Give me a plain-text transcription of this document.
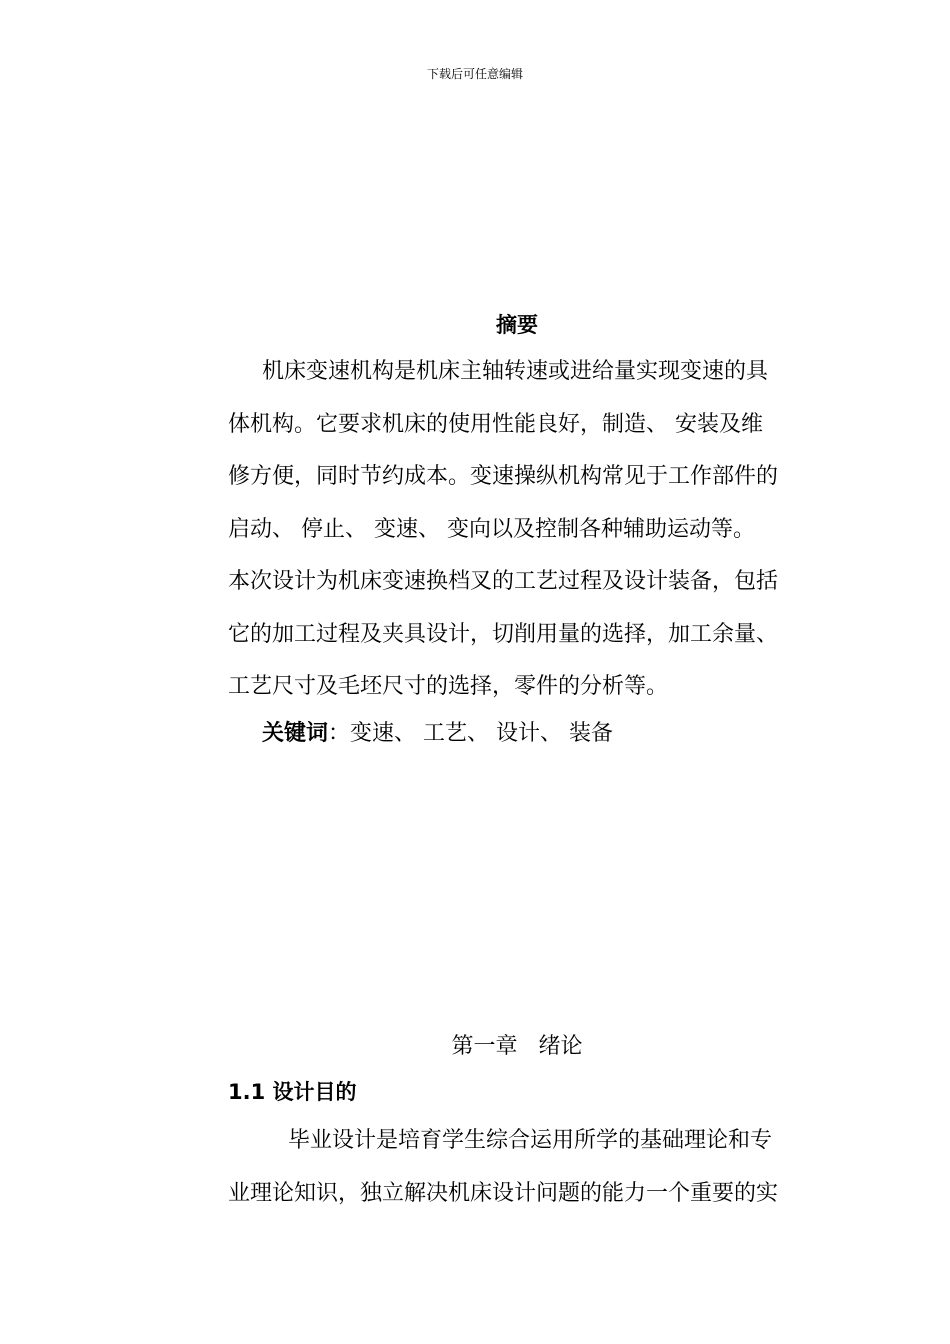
下载后可任意编辑
摘要
机床变速机构是机床主轴转速或进给量实现变速的具
体机构。它要求机床的使用性能良好，制造、 安装及维
修方便，同时节约成本。变速操纵机构常见于工作部件的
启动、 停止、 变速、 变向以及控制各种辅助运动等。
本次设计为机床变速换档叉的工艺过程及设计装备，包括
它的加工过程及夹具设计，切削用量的选择，加工余量、
工艺尺寸及毛坯尺寸的选择，零件的分析等。
关键词：变速、 工艺、 设计、 装备
第一章   绪论
1.1 设计目的
毕业设计是培育学生综合运用所学的基础理论和专
业理论知识，独立解决机床设计问题的能力一个重要的实
